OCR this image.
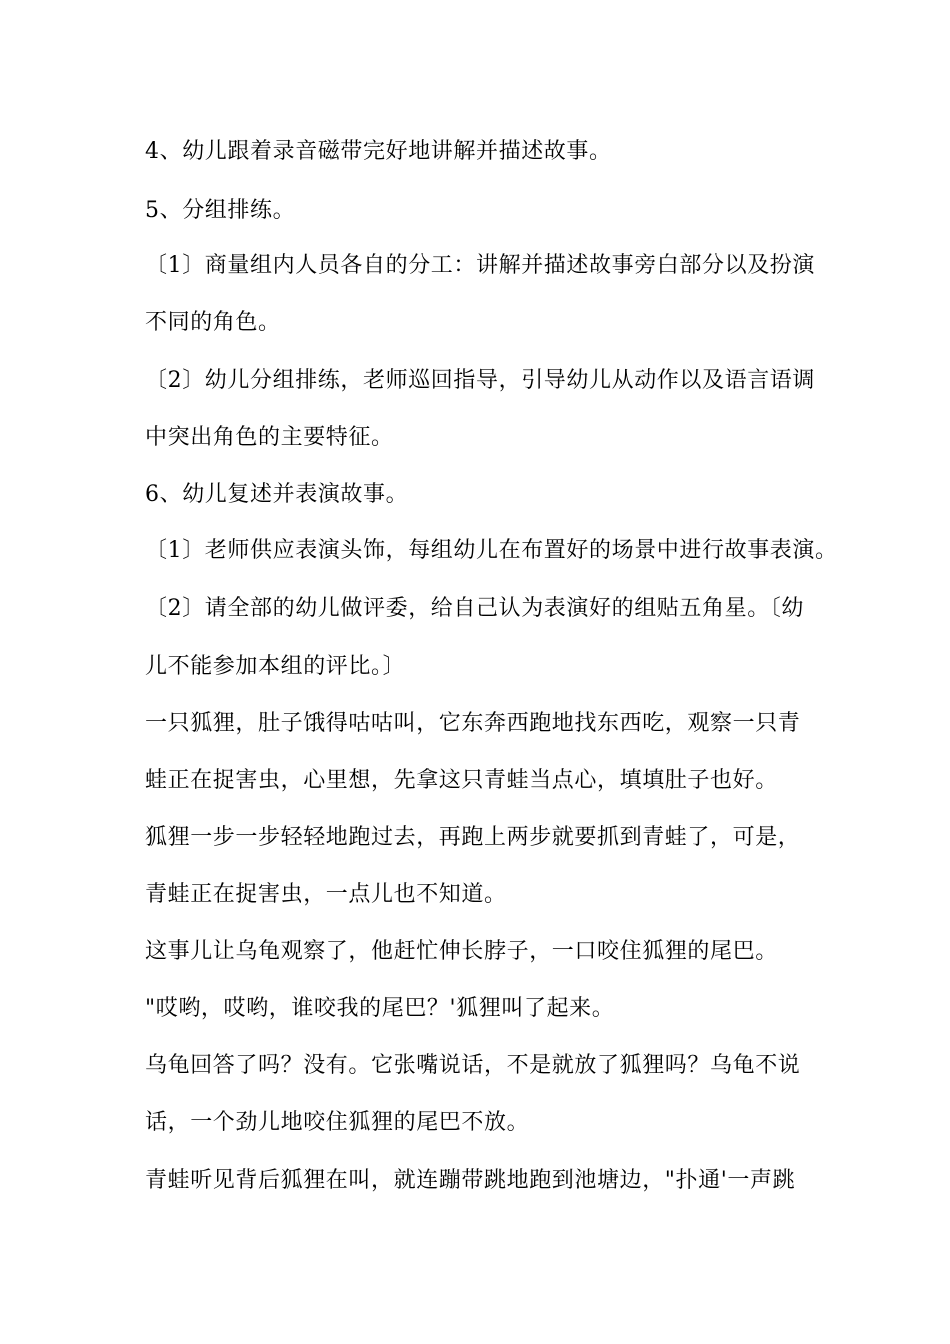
4、幼儿跟着录音磁带完好地讲解并描述故事。
5、分组排练。
〔1〕商量组内人员各自的分工：讲解并描述故事旁白部分以及扮演
不同的角色。
〔2〕幼儿分组排练，老师巡回指导，引导幼儿从动作以及语言语调
中突出角色的主要特征。
6、幼儿复述并表演故事。
〔1〕老师供应表演头饰，每组幼儿在布置好的场景中进行故事表演。
〔2〕请全部的幼儿做评委，给自己认为表演好的组贴五角星。〔幼
儿不能参加本组的评比。〕
一只狐狸，肚子饿得咕咕叫，它东奔西跑地找东西吃，观察一只青
蛙正在捉害虫，心里想，先拿这只青蛙当点心，填填肚子也好。
狐狸一步一步轻轻地跑过去，再跑上两步就要抓到青蛙了，可是，
青蛙正在捉害虫，一点儿也不知道。
这事儿让乌龟观察了，他赶忙伸长脖子，一口咬住狐狸的尾巴。
"哎哟，哎哟，谁咬我的尾巴？'狐狸叫了起来。
乌龟回答了吗？没有。它张嘴说话，不是就放了狐狸吗？乌龟不说
话，一个劲儿地咬住狐狸的尾巴不放。
青蛙听见背后狐狸在叫，就连蹦带跳地跑到池塘边，"扑通'一声跳
